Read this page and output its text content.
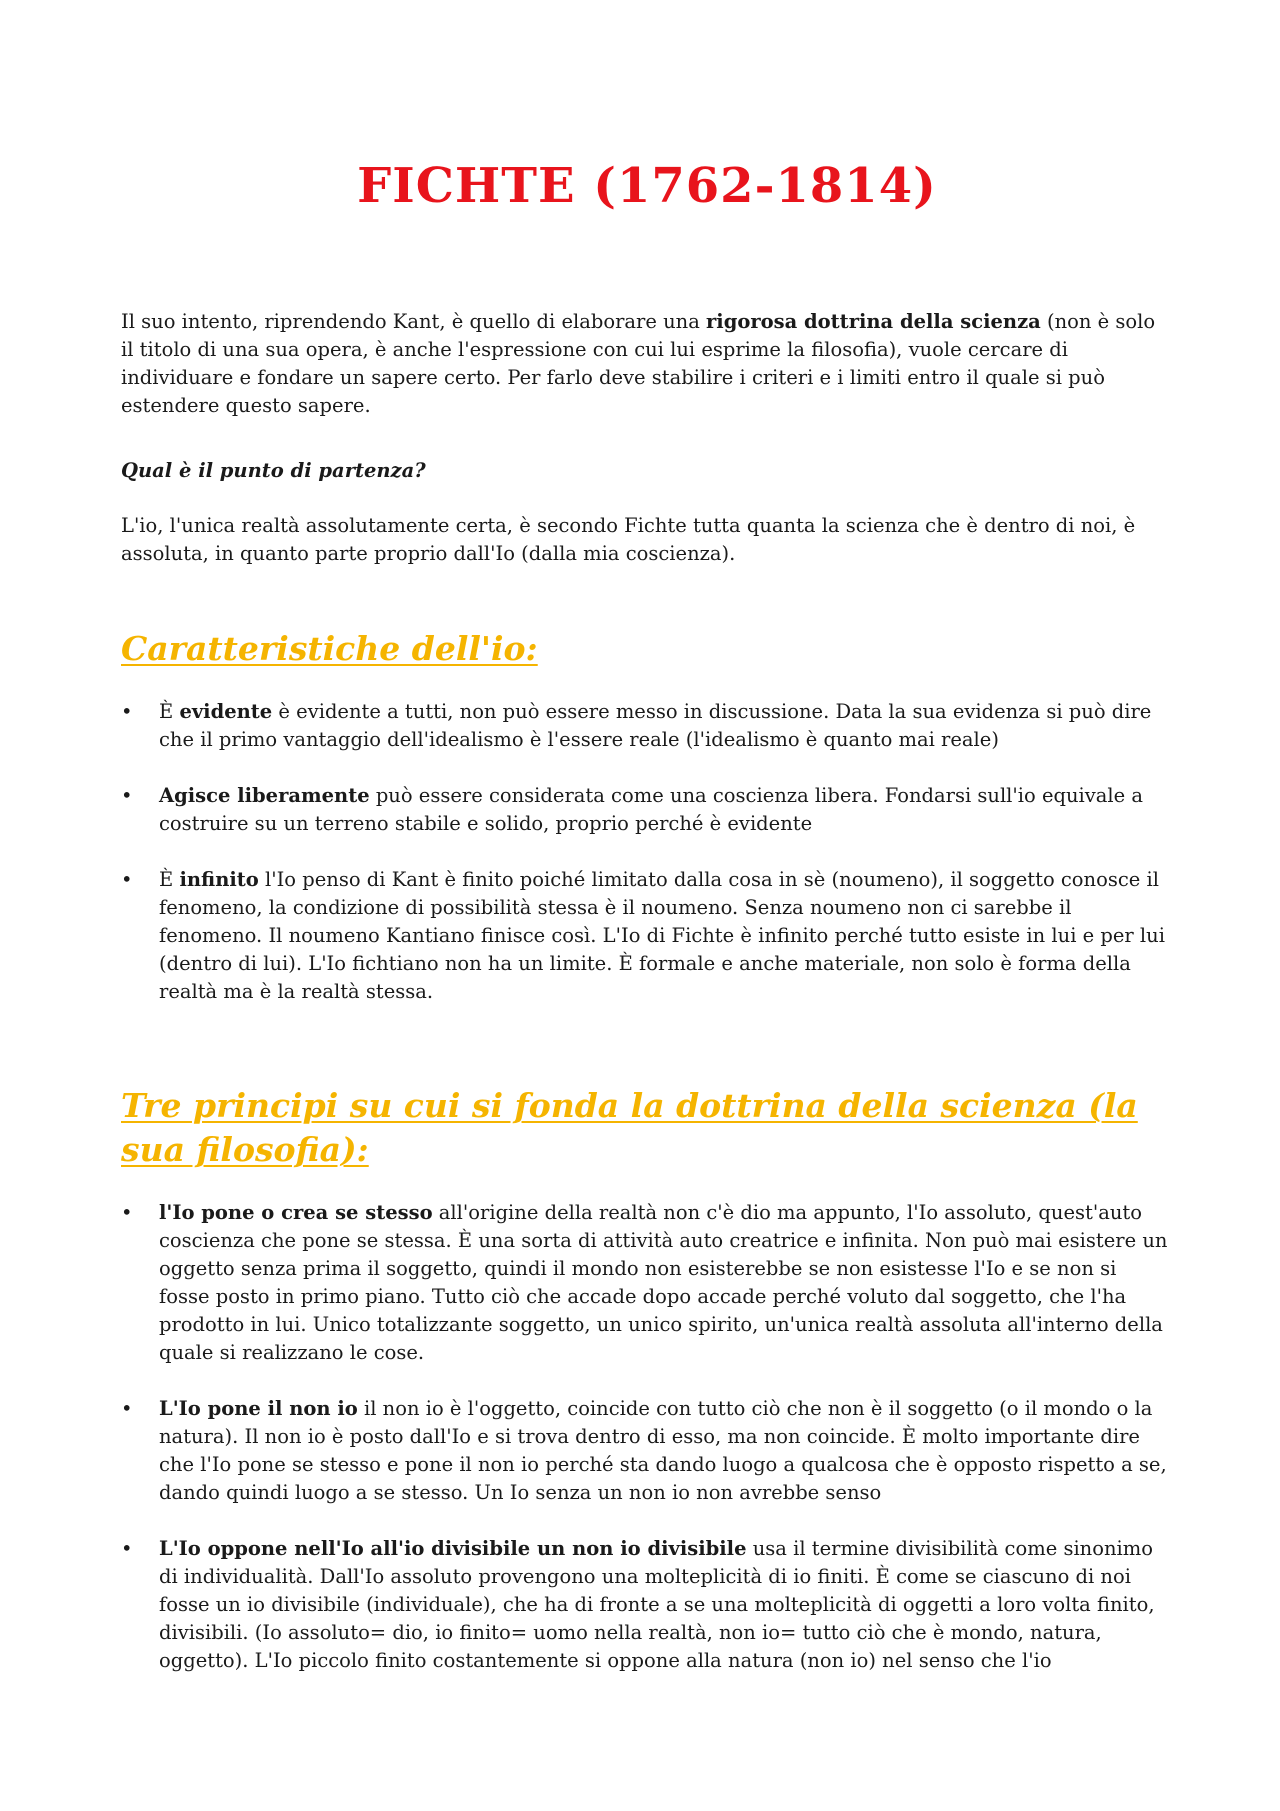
FICHTE (1762-1814)

Il suo intento, riprendendo Kant, è quello di elaborare una rigorosa dottrina della scienza (non è solo il titolo di una sua opera, è anche l'espressione con cui lui esprime la filosofia), vuole cercare di individuare e fondare un sapere certo. Per farlo deve stabilire i criteri e i limiti entro il quale si può estendere questo sapere.

Qual è il punto di partenza?

L'io, l'unica realtà assolutamente certa, è secondo Fichte tutta quanta la scienza che è dentro di noi, è assoluta, in quanto parte proprio dall'Io (dalla mia coscienza).

Caratteristiche dell'io:
•	È evidente è evidente a tutti, non può essere messo in discussione. Data la sua evidenza si può dire che il primo vantaggio dell'idealismo è l'essere reale (l'idealismo è quanto mai reale)
•	Agisce liberamente può essere considerata come una coscienza libera. Fondarsi sull'io equivale a costruire su un terreno stabile e solido, proprio perché è evidente
•	È infinito l'Io penso di Kant è finito poiché limitato dalla cosa in sè (noumeno), il soggetto conosce il fenomeno, la condizione di possibilità stessa è il noumeno. Senza noumeno non ci sarebbe il fenomeno. Il noumeno Kantiano finisce così. L'Io di Fichte è infinito perché tutto esiste in lui e per lui (dentro di lui). L'Io fichtiano non ha un limite. È formale e anche materiale, non solo è forma della realtà ma è la realtà stessa.
Tre principi su cui si fonda la dottrina della scienza (la sua filosofia):
•	l'Io pone o crea se stesso all'origine della realtà non c'è dio ma appunto, l'Io assoluto, quest'auto coscienza che pone se stessa. È una sorta di attività auto creatrice e infinita. Non può mai esistere un oggetto senza prima il soggetto, quindi il mondo non esisterebbe se non esistesse l'Io e se non si fosse posto in primo piano. Tutto ciò che accade dopo accade perché voluto dal soggetto, che l'ha prodotto in lui. Unico totalizzante soggetto, un unico spirito, un'unica realtà assoluta all'interno della quale si realizzano le cose.
•	L'Io pone il non io il non io è l'oggetto, coincide con tutto ciò che non è il soggetto (o il mondo o la natura). Il non io è posto dall'Io e si trova dentro di esso, ma non coincide. È molto importante dire che l'Io pone se stesso e pone il non io perché sta dando luogo a qualcosa che è opposto rispetto a se, dando quindi luogo a se stesso. Un Io senza un non io non avrebbe senso
•	L'Io oppone nell'Io all'io divisibile un non io divisibile usa il termine divisibilità come sinonimo di individualità. Dall'Io assoluto provengono una molteplicità di io finiti. È come se ciascuno di noi fosse un io divisibile (individuale), che ha di fronte a se una molteplicità di oggetti a loro volta finito, divisibili. (Io assoluto= dio, io finito= uomo nella realtà, non io= tutto ciò che è mondo, natura, oggetto). L'Io piccolo finito costantemente si oppone alla natura (non io) nel senso che l'io
